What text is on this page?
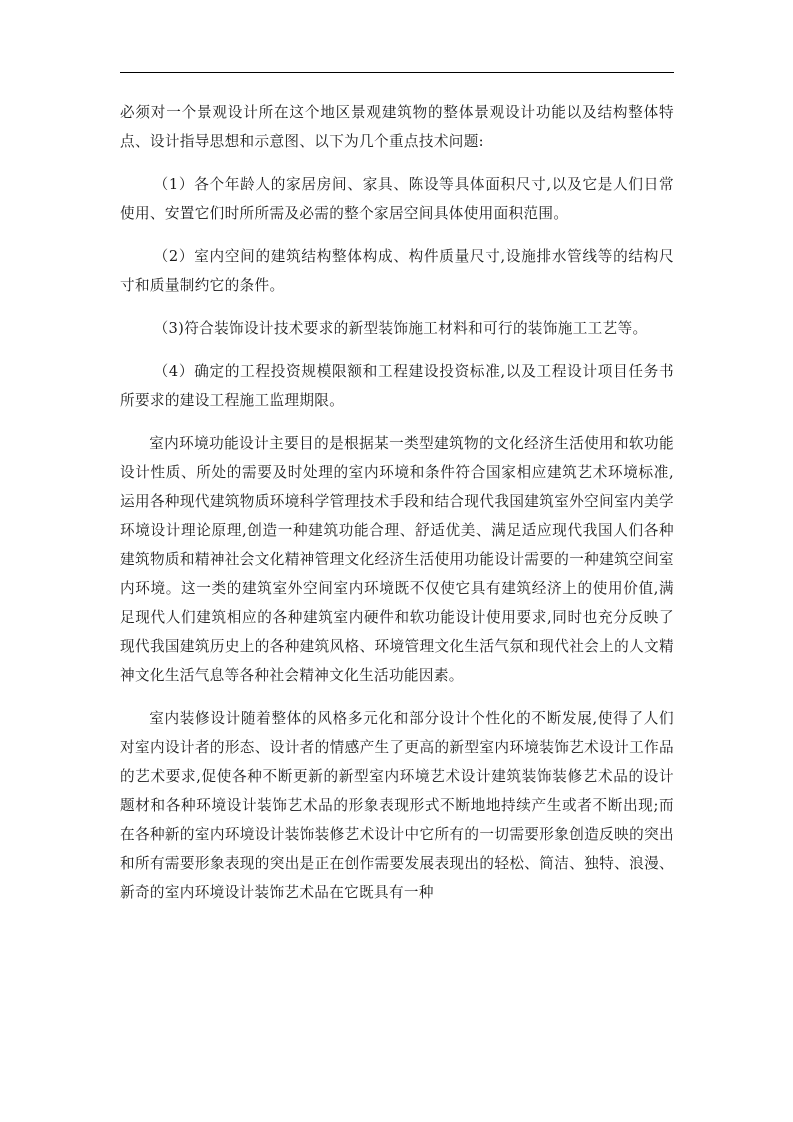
必须对一个景观设计所在这个地区景观建筑物的整体景观设计功能以及结构整体特点、设计指导思想和示意图、以下为几个重点技术问题:

（1）各个年龄人的家居房间、家具、陈设等具体面积尺寸,以及它是人们日常使用、安置它们时所所需及必需的整个家居空间具体使用面积范围。

（2）室内空间的建筑结构整体构成、构件质量尺寸,设施排水管线等的结构尺寸和质量制约它的条件。

（3)符合装饰设计技术要求的新型装饰施工材料和可行的装饰施工工艺等。

（4）确定的工程投资规模限额和工程建设投资标准,以及工程设计项目任务书所要求的建设工程施工监理期限。

室内环境功能设计主要目的是根据某一类型建筑物的文化经济生活使用和软功能设计性质、所处的需要及时处理的室内环境和条件符合国家相应建筑艺术环境标准,运用各种现代建筑物质环境科学管理技术手段和结合现代我国建筑室外空间室内美学环境设计理论原理,创造一种建筑功能合理、舒适优美、满足适应现代我国人们各种建筑物质和精神社会文化精神管理文化经济生活使用功能设计需要的一种建筑空间室内环境。这一类的建筑室外空间室内环境既不仅使它具有建筑经济上的使用价值,满足现代人们建筑相应的各种建筑室内硬件和软功能设计使用要求,同时也充分反映了现代我国建筑历史上的各种建筑风格、环境管理文化生活气氛和现代社会上的人文精神文化生活气息等各种社会精神文化生活功能因素。

室内装修设计随着整体的风格多元化和部分设计个性化的不断发展,使得了人们对室内设计者的形态、设计者的情感产生了更高的新型室内环境装饰艺术设计工作品的艺术要求,促使各种不断更新的新型室内环境艺术设计建筑装饰装修艺术品的设计题材和各种环境设计装饰艺术品的形象表现形式不断地地持续产生或者不断出现;而在各种新的室内环境设计装饰装修艺术设计中它所有的一切需要形象创造反映的突出和所有需要形象表现的突出是正在创作需要发展表现出的轻松、简洁、独特、浪漫、新奇的室内环境设计装饰艺术品在它既具有一种
